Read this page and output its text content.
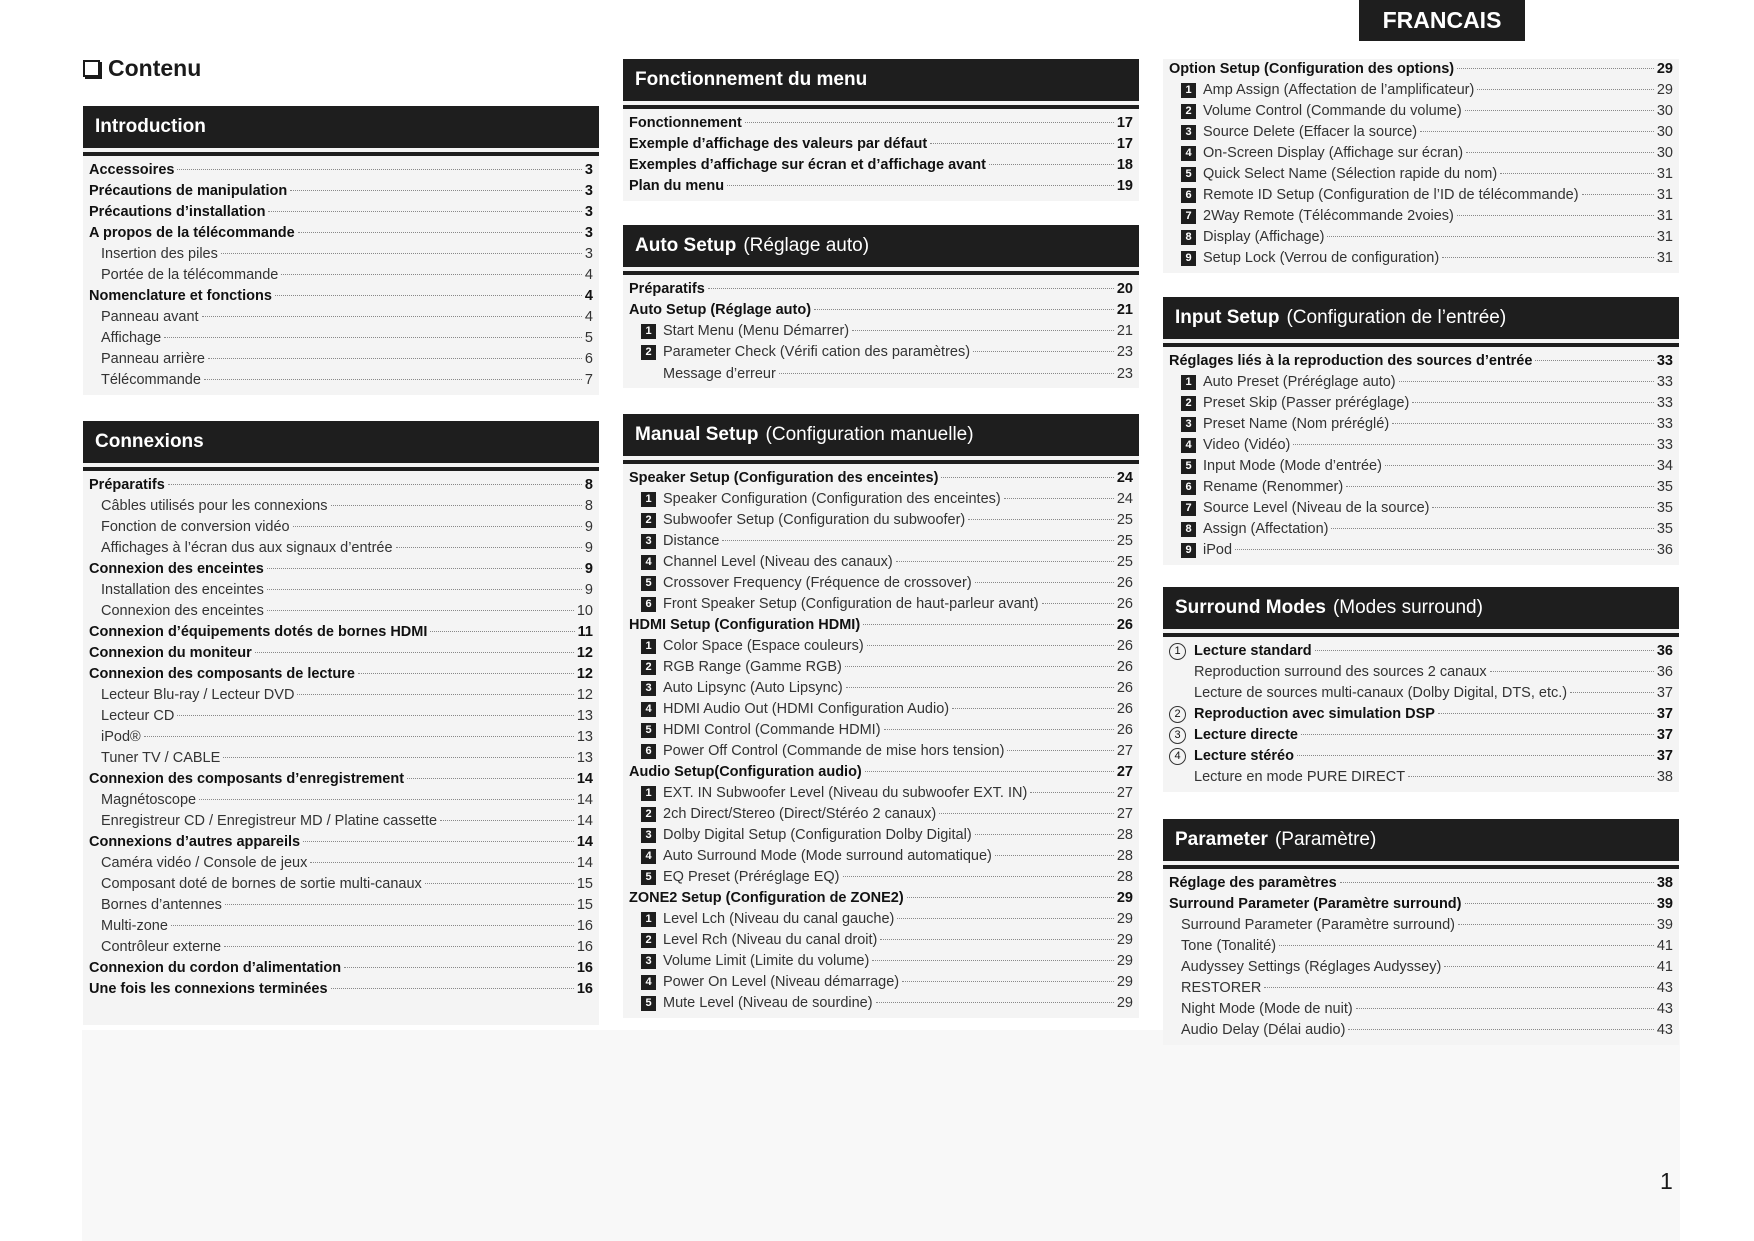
FRANCAIS
Contenu
Introduction
Accessoires	3
Précautions de manipulation	3
Précautions d’installation	3
A propos de la télécommande	3
Insertion des piles	3
Portée de la télécommande	4
Nomenclature et fonctions	4
Panneau avant	4
Affichage	5
Panneau arrière	6
Télécommande	7
Connexions
Préparatifs	8
Câbles utilisés pour les connexions	8
Fonction de conversion vidéo	9
Affichages à l’écran dus aux signaux d’entrée	9
Connexion des enceintes	9
Installation des enceintes	9
Connexion des enceintes	10
Connexion d’équipements dotés de bornes HDMI	11
Connexion du moniteur	12
Connexion des composants de lecture	12
Lecteur Blu-ray / Lecteur DVD	12
Lecteur CD	13
iPod®	13
Tuner TV / CABLE	13
Connexion des composants d’enregistrement	14
Magnétoscope	14
Enregistreur CD / Enregistreur MD / Platine cassette	14
Connexions d’autres appareils	14
Caméra vidéo / Console de jeux	14
Composant doté de bornes de sortie multi-canaux	15
Bornes d’antennes	15
Multi-zone	16
Contrôleur externe	16
Connexion du cordon d’alimentation	16
Une fois les connexions terminées	16
Fonctionnement du menu
Fonctionnement	17
Exemple d’affichage des valeurs par défaut	17
Exemples d’affichage sur écran et d’affichage avant	18
Plan du menu	19
Auto Setup (Réglage auto)
Préparatifs	20
Auto Setup (Réglage auto)	21
1 Start Menu (Menu Démarrer)	21
2 Parameter Check (Vérifi cation des paramètres)	23
Message d’erreur	23
Manual Setup (Configuration manuelle)
Speaker Setup (Configuration des enceintes)	24
1 Speaker Configuration (Configuration des enceintes)	24
2 Subwoofer Setup (Configuration du subwoofer)	25
3 Distance	25
4 Channel Level (Niveau des canaux)	25
5 Crossover Frequency (Fréquence de crossover)	26
6 Front Speaker Setup (Configuration de haut-parleur avant)	26
HDMI Setup (Configuration HDMI)	26
1 Color Space (Espace couleurs)	26
2 RGB Range (Gamme RGB)	26
3 Auto Lipsync (Auto Lipsync)	26
4 HDMI Audio Out (HDMI Configuration Audio)	26
5 HDMI Control (Commande HDMI)	26
6 Power Off Control (Commande de mise hors tension)	27
Audio Setup(Configuration audio)	27
1 EXT. IN Subwoofer Level (Niveau du subwoofer EXT. IN)	27
2 2ch Direct/Stereo (Direct/Stéréo 2 canaux)	27
3 Dolby Digital Setup (Configuration Dolby Digital)	28
4 Auto Surround Mode (Mode surround automatique)	28
5 EQ Preset (Préréglage EQ)	28
ZONE2 Setup (Configuration de ZONE2)	29
1 Level Lch (Niveau du canal gauche)	29
2 Level Rch (Niveau du canal droit)	29
3 Volume Limit (Limite du volume)	29
4 Power On Level (Niveau démarrage)	29
5 Mute Level (Niveau de sourdine)	29
Option Setup (Configuration des options)	29
1 Amp Assign (Affectation de l’amplificateur)	29
2 Volume Control (Commande du volume)	30
3 Source Delete (Effacer la source)	30
4 On-Screen Display (Affichage sur écran)	30
5 Quick Select Name (Sélection rapide du nom)	31
6 Remote ID Setup (Configuration de l’ID de télécommande)	31
7 2Way Remote (Télécommande 2voies)	31
8 Display (Affichage)	31
9 Setup Lock (Verrou de configuration)	31
Input Setup (Configuration de l’entrée)
Réglages liés à la reproduction des sources d’entrée	33
1 Auto Preset (Préréglage auto)	33
2 Preset Skip (Passer préréglage)	33
3 Preset Name (Nom préréglé)	33
4 Video (Vidéo)	33
5 Input Mode (Mode d’entrée)	34
6 Rename (Renommer)	35
7 Source Level (Niveau de la source)	35
8 Assign (Affectation)	35
9 iPod	36
Surround Modes (Modes surround)
1 Lecture standard	36
Reproduction surround des sources 2 canaux	36
Lecture de sources multi-canaux (Dolby Digital, DTS, etc.)	37
2 Reproduction avec simulation DSP	37
3 Lecture directe	37
4 Lecture stéréo	37
Lecture en mode PURE DIRECT	38
Parameter (Paramètre)
Réglage des paramètres	38
Surround Parameter (Paramètre surround)	39
Surround Parameter (Paramètre surround)	39
Tone (Tonalité)	41
Audyssey Settings (Réglages Audyssey)	41
RESTORER	43
Night Mode (Mode de nuit)	43
Audio Delay (Délai audio)	43
1
